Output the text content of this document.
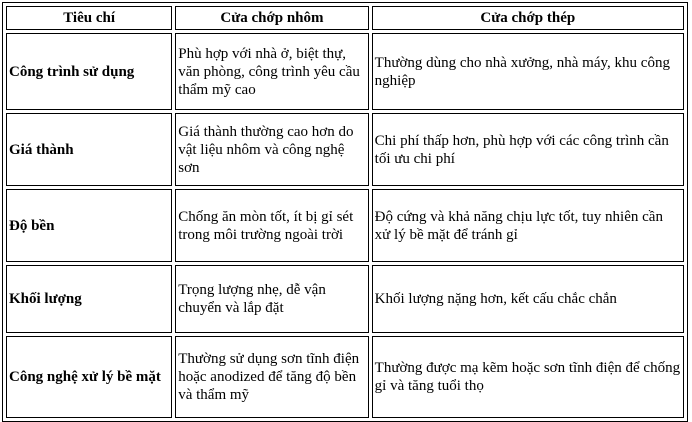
Tiêu chí	Cửa chớp nhôm	Cửa chớp thép
Công trình sử dụng	Phù hợp với nhà ở, biệt thự, văn phòng, công trình yêu cầu thẩm mỹ cao	Thường dùng cho nhà xưởng, nhà máy, khu công nghiệp
Giá thành	Giá thành thường cao hơn do vật liệu nhôm và công nghệ sơn	Chi phí thấp hơn, phù hợp với các công trình cần tối ưu chi phí
Độ bền	Chống ăn mòn tốt, ít bị gỉ sét trong môi trường ngoài trời	Độ cứng và khả năng chịu lực tốt, tuy nhiên cần xử lý bề mặt để tránh gỉ
Khối lượng	Trọng lượng nhẹ, dễ vận chuyển và lắp đặt	Khối lượng nặng hơn, kết cấu chắc chắn
Công nghệ xử lý bề mặt	Thường sử dụng sơn tĩnh điện hoặc anodized để tăng độ bền và thẩm mỹ	Thường được mạ kẽm hoặc sơn tĩnh điện để chống gỉ và tăng tuổi thọ
